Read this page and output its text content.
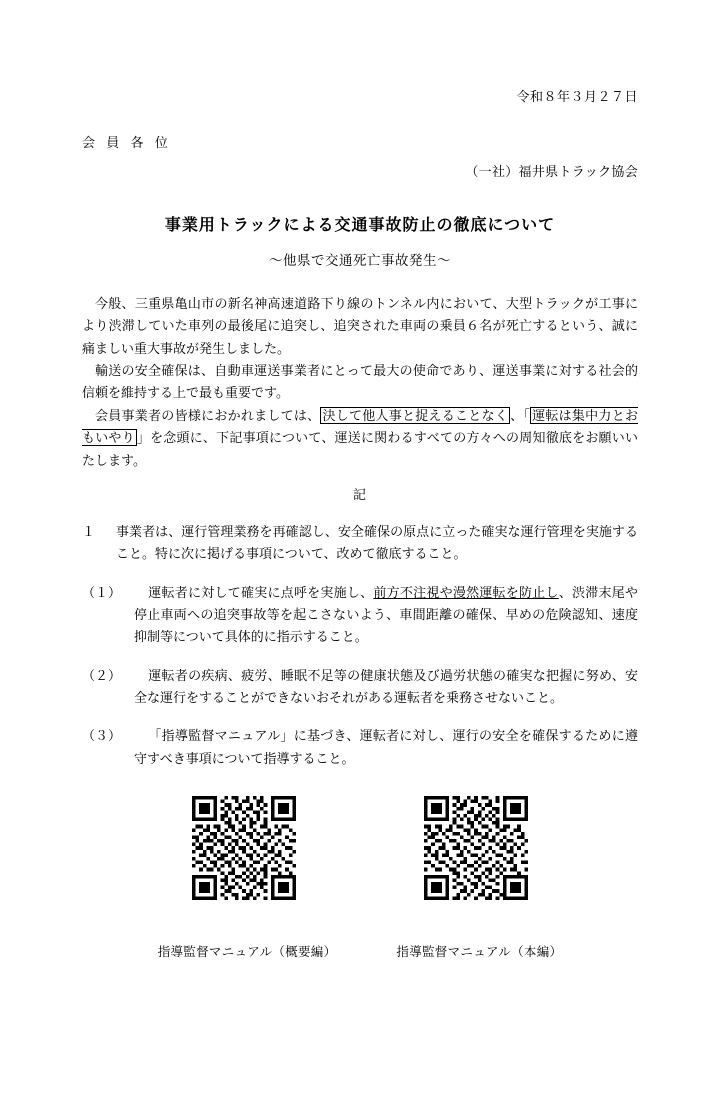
令和８年３月２７日
会 員 各 位
（一社）福井県トラック協会
事業用トラックによる交通事故防止の徹底について
〜他県で交通死亡事故発生〜

今般、三重県亀山市の新名神高速道路下り線のトンネル内において、大型トラックが工事により渋滞していた車列の最後尾に追突し、追突された車両の乗員６名が死亡するという、誠に痛ましい重大事故が発生しました。

輸送の安全確保は、自動車運送事業者にとって最大の使命であり、運送事業に対する社会的信頼を維持する上で最も重要です。

会員事業者の皆様におかれましては、 決して他人事と捉えることなく 、「 運転は集中力とおもいやり 」を念頭に、下記事項について、運送に関わるすべての方々への周知徹底をお願いいたします。

記
１	事業者は、運行管理業務を再確認し、安全確保の原点に立った確実な運行管理を実施すること。特に次に掲げる事項について、改めて徹底すること。
（１）	運転者に対して確実に点呼を実施し、前方不注視や漫然運転を防止し、渋滞末尾や停止車両への追突事故等を起こさないよう、車間距離の確保、早めの危険認知、速度抑制等について具体的に指示すること。
（２）	運転者の疾病、疲労、睡眠不足等の健康状態及び過労状態の確実な把握に努め、安全な運行をすることができないおそれがある運転者を乗務させないこと。
（３）	「指導監督マニュアル」に基づき、運転者に対し、運行の安全を確保するために遵守すべき事項について指導すること。
指導監督マニュアル（概要編）	指導監督マニュアル（本編）
